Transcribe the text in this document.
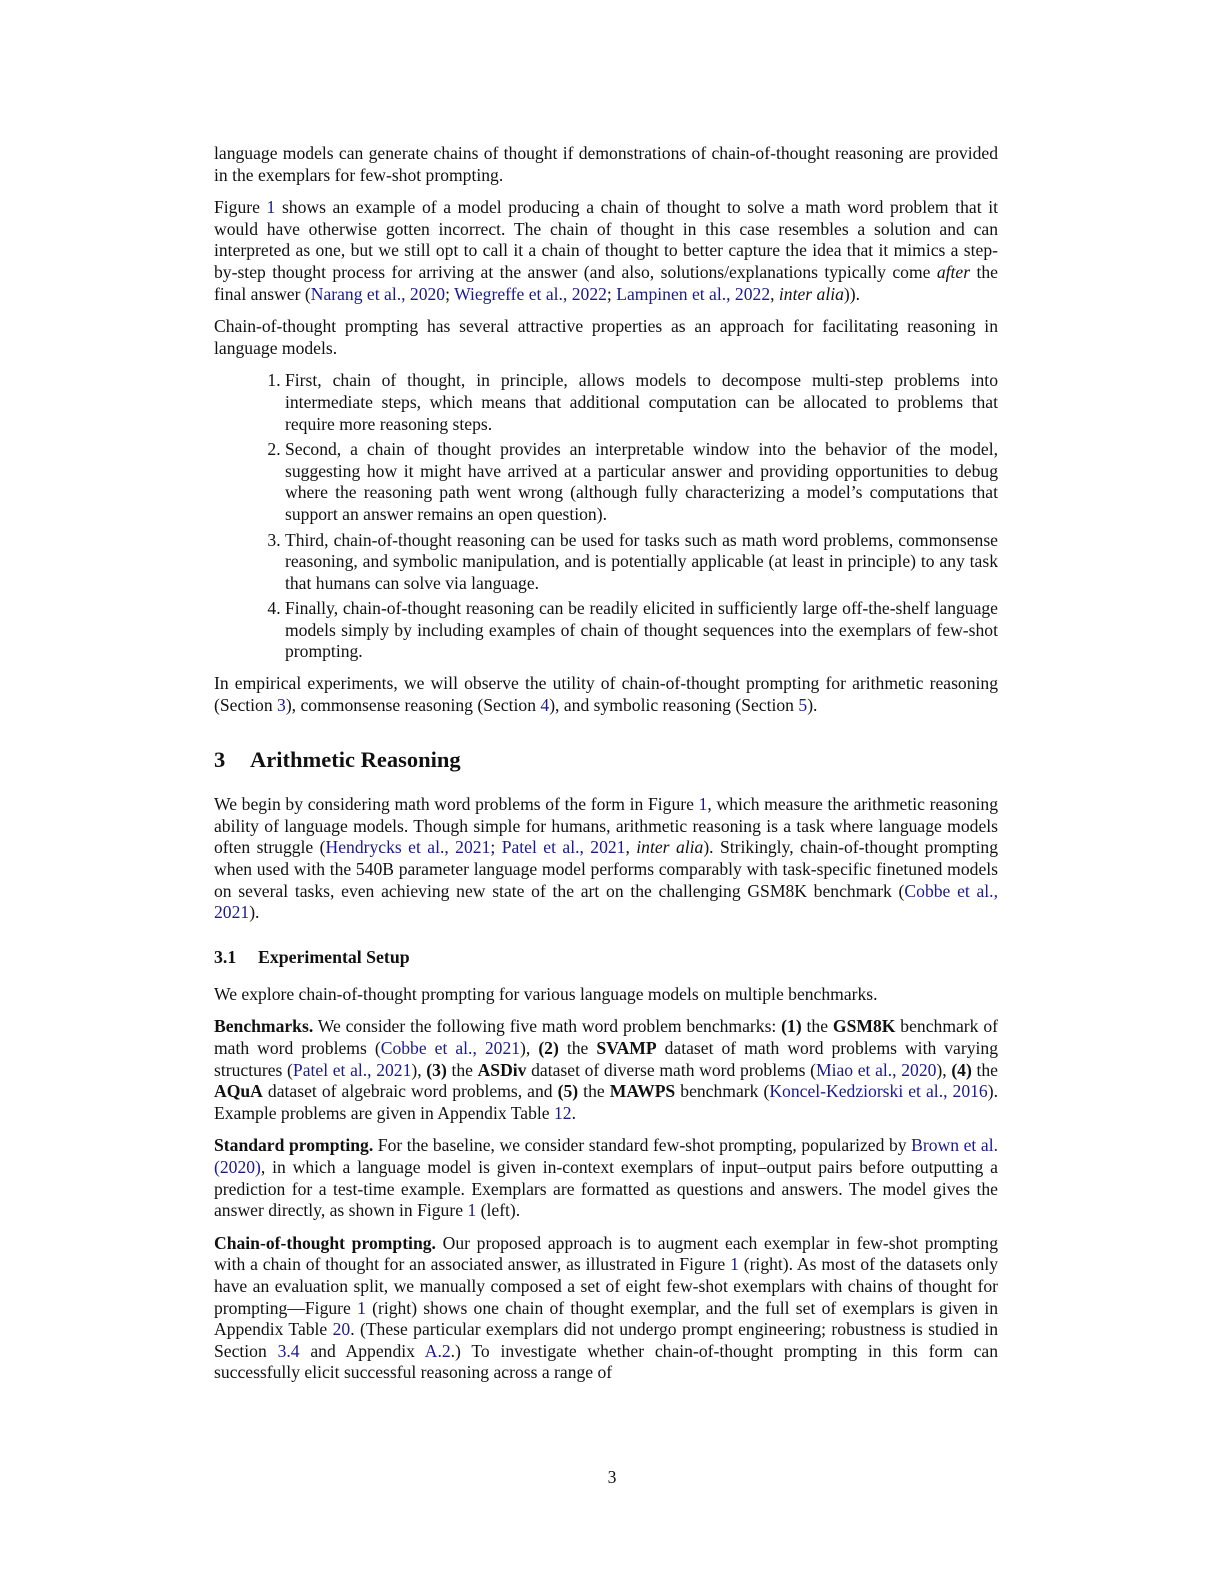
language models can generate chains of thought if demonstrations of chain-of-thought reasoning are provided in the exemplars for few-shot prompting.

Figure 1 shows an example of a model producing a chain of thought to solve a math word problem that it would have otherwise gotten incorrect. The chain of thought in this case resembles a solution and can interpreted as one, but we still opt to call it a chain of thought to better capture the idea that it mimics a step-by-step thought process for arriving at the answer (and also, solutions/explanations typically come after the final answer (Narang et al., 2020; Wiegreffe et al., 2022; Lampinen et al., 2022, inter alia)).

Chain-of-thought prompting has several attractive properties as an approach for facilitating reasoning in language models.

1. First, chain of thought, in principle, allows models to decompose multi-step problems into intermediate steps, which means that additional computation can be allocated to problems that require more reasoning steps.
2. Second, a chain of thought provides an interpretable window into the behavior of the model, suggesting how it might have arrived at a particular answer and providing opportunities to debug where the reasoning path went wrong (although fully characterizing a model’s computations that support an answer remains an open question).
3. Third, chain-of-thought reasoning can be used for tasks such as math word problems, commonsense reasoning, and symbolic manipulation, and is potentially applicable (at least in principle) to any task that humans can solve via language.
4. Finally, chain-of-thought reasoning can be readily elicited in sufficiently large off-the-shelf language models simply by including examples of chain of thought sequences into the exemplars of few-shot prompting.

In empirical experiments, we will observe the utility of chain-of-thought prompting for arithmetic reasoning (Section 3), commonsense reasoning (Section 4), and symbolic reasoning (Section 5).

3 Arithmetic Reasoning

We begin by considering math word problems of the form in Figure 1, which measure the arithmetic reasoning ability of language models. Though simple for humans, arithmetic reasoning is a task where language models often struggle (Hendrycks et al., 2021; Patel et al., 2021, inter alia). Strikingly, chain-of-thought prompting when used with the 540B parameter language model performs comparably with task-specific finetuned models on several tasks, even achieving new state of the art on the challenging GSM8K benchmark (Cobbe et al., 2021).

3.1 Experimental Setup

We explore chain-of-thought prompting for various language models on multiple benchmarks.

Benchmarks. We consider the following five math word problem benchmarks: (1) the GSM8K benchmark of math word problems (Cobbe et al., 2021), (2) the SVAMP dataset of math word problems with varying structures (Patel et al., 2021), (3) the ASDiv dataset of diverse math word problems (Miao et al., 2020), (4) the AQuA dataset of algebraic word problems, and (5) the MAWPS benchmark (Koncel-Kedziorski et al., 2016). Example problems are given in Appendix Table 12.

Standard prompting. For the baseline, we consider standard few-shot prompting, popularized by Brown et al. (2020), in which a language model is given in-context exemplars of input–output pairs before outputting a prediction for a test-time example. Exemplars are formatted as questions and answers. The model gives the answer directly, as shown in Figure 1 (left).

Chain-of-thought prompting. Our proposed approach is to augment each exemplar in few-shot prompting with a chain of thought for an associated answer, as illustrated in Figure 1 (right). As most of the datasets only have an evaluation split, we manually composed a set of eight few-shot exemplars with chains of thought for prompting—Figure 1 (right) shows one chain of thought exemplar, and the full set of exemplars is given in Appendix Table 20. (These particular exemplars did not undergo prompt engineering; robustness is studied in Section 3.4 and Appendix A.2.) To investigate whether chain-of-thought prompting in this form can successfully elicit successful reasoning across a range of

3
